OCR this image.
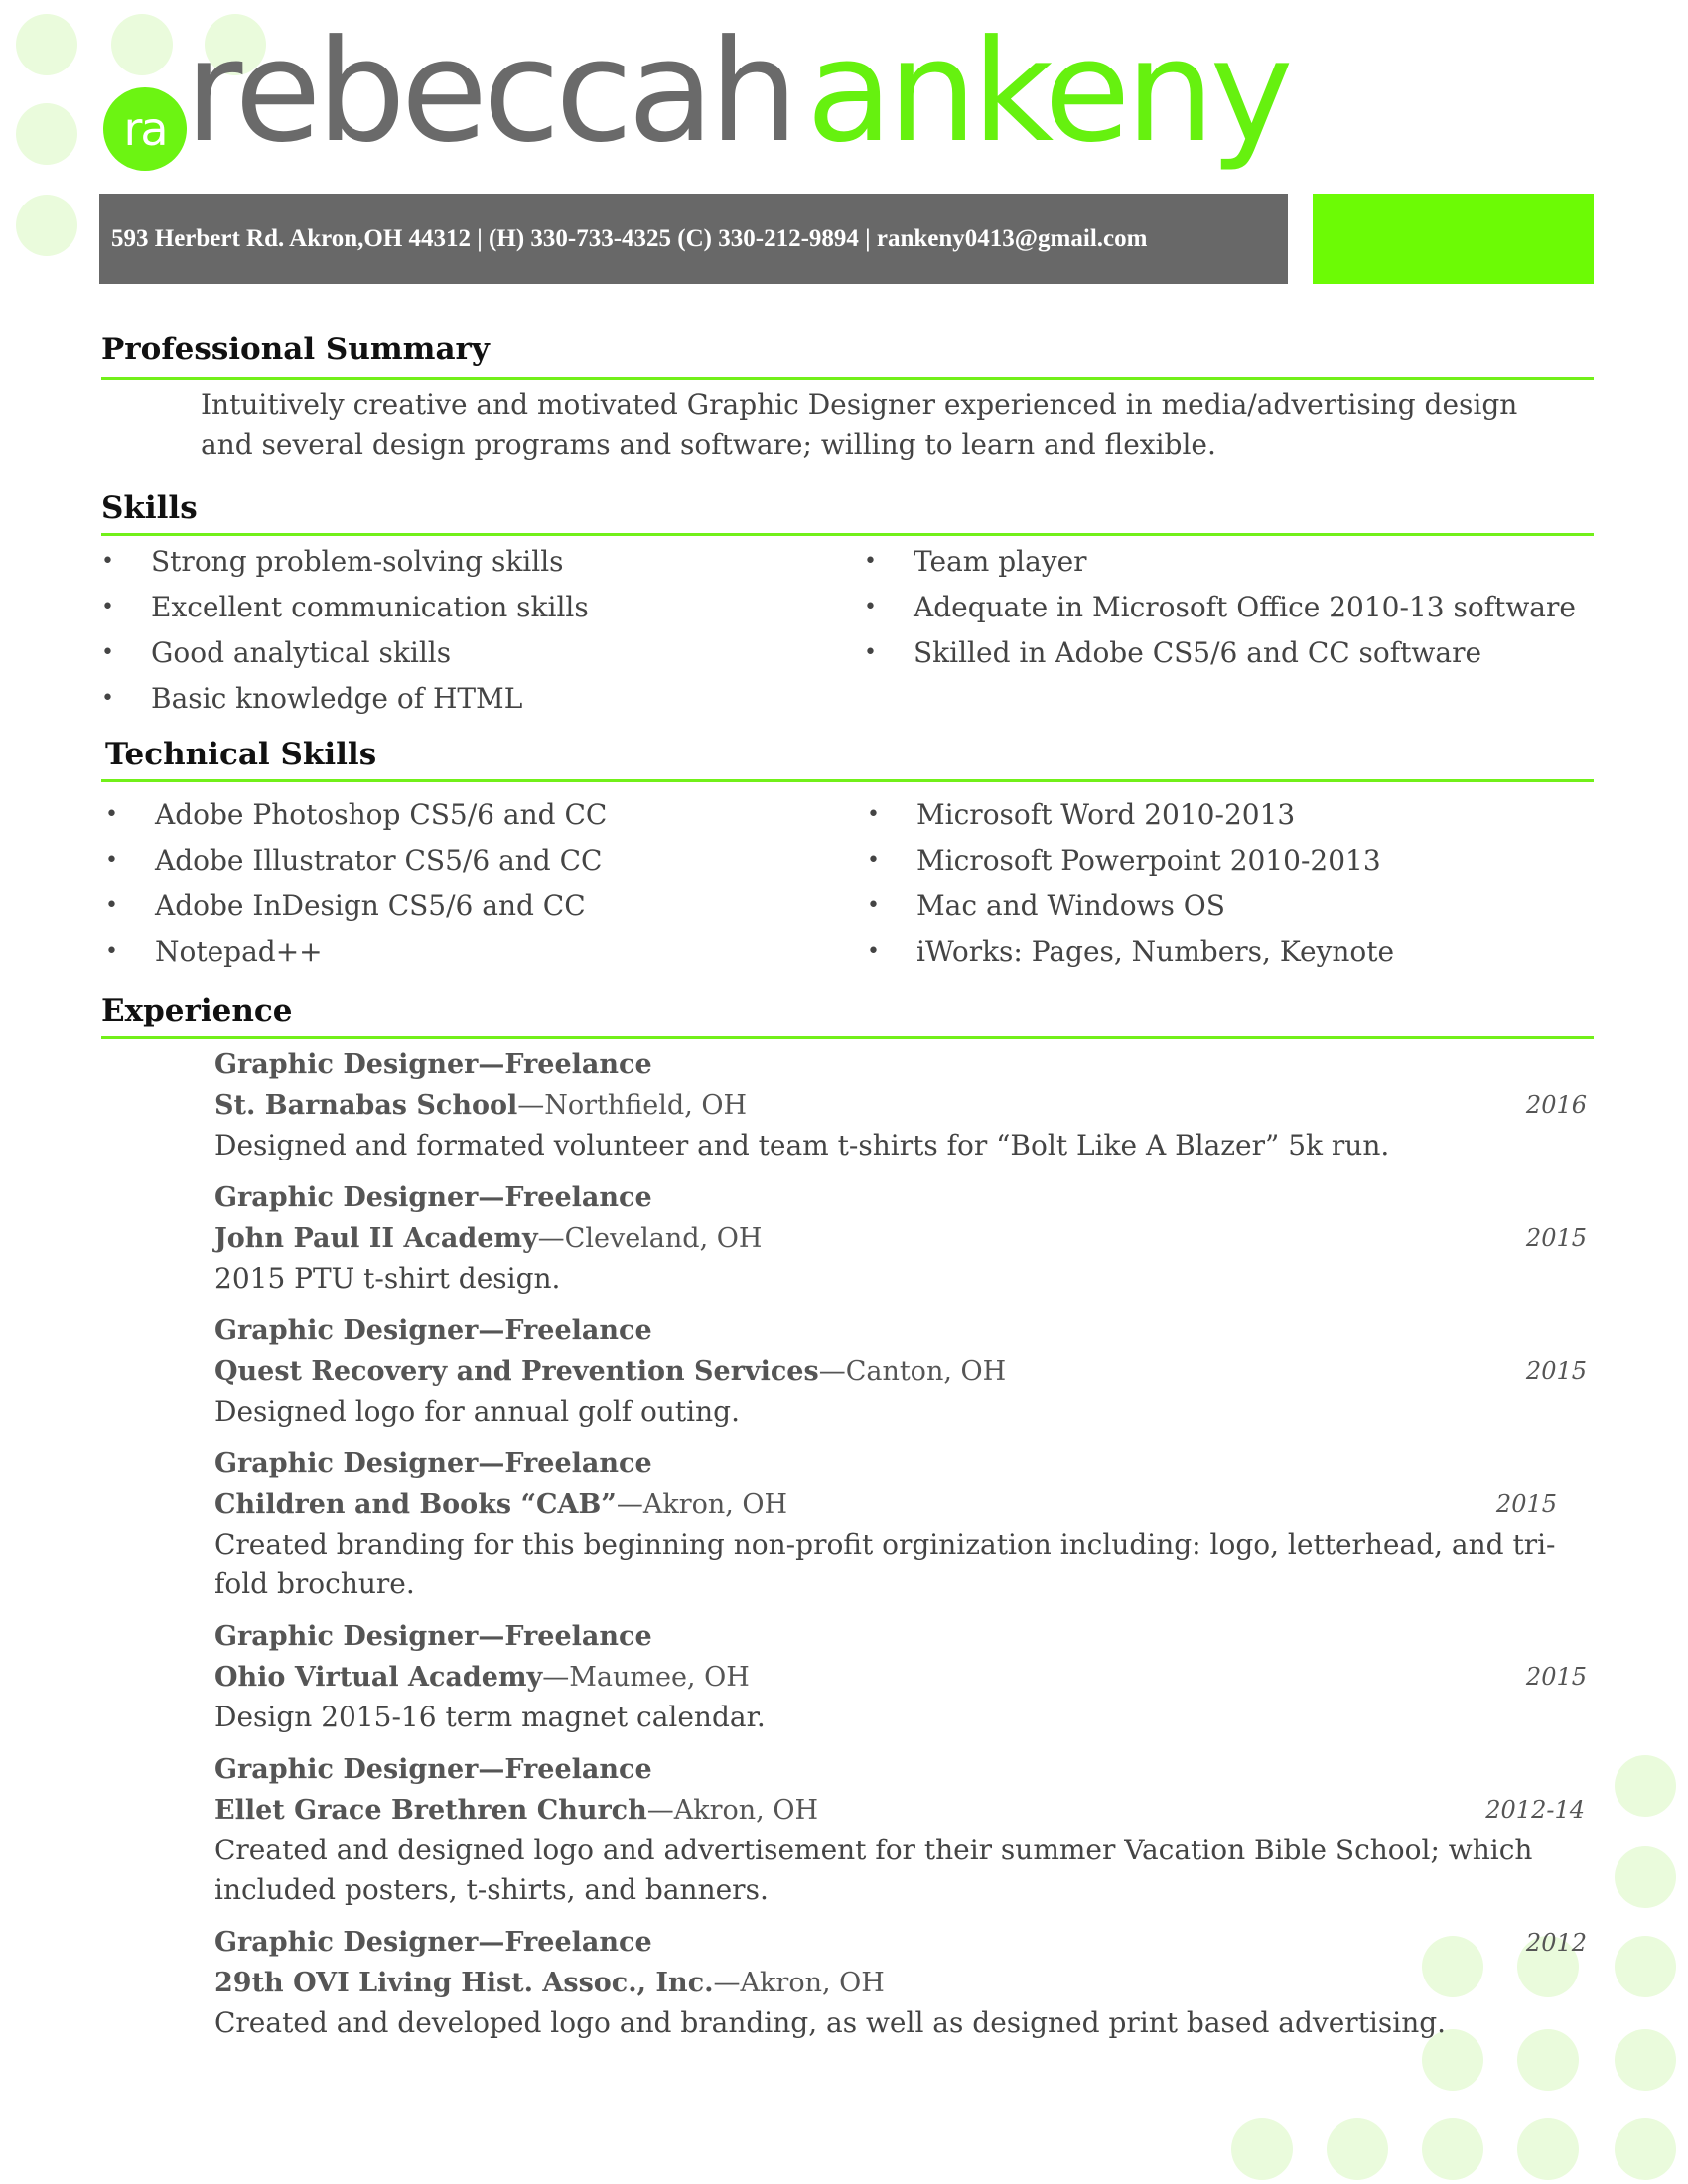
ra rebeccah ankeny
593 Herbert Rd. Akron,OH 44312 | (H) 330-733-4325 (C) 330-212-9894 | rankeny0413@gmail.com
Professional Summary
Intuitively creative and motivated Graphic Designer experienced in media/advertising design and several design programs and software; willing to learn and flexible.
Skills
• Strong problem-solving skills
• Excellent communication skills
• Good analytical skills
• Basic knowledge of HTML
• Team player
• Adequate in Microsoft Office 2010-13 software
• Skilled in Adobe CS5/6 and CC software
Technical Skills
• Adobe Photoshop CS5/6 and CC
• Adobe Illustrator CS5/6 and CC
• Adobe InDesign CS5/6 and CC
• Notepad++
• Microsoft Word 2010-2013
• Microsoft Powerpoint 2010-2013
• Mac and Windows OS
• iWorks: Pages, Numbers, Keynote
Experience
Graphic Designer—Freelance
St. Barnabas School—Northfield, OH	2016
Designed and formated volunteer and team t-shirts for “Bolt Like A Blazer” 5k run.
Graphic Designer—Freelance
John Paul II Academy—Cleveland, OH	2015
2015 PTU t-shirt design.
Graphic Designer—Freelance
Quest Recovery and Prevention Services—Canton, OH	2015
Designed logo for annual golf outing.
Graphic Designer—Freelance
Children and Books “CAB”—Akron, OH	2015
Created branding for this beginning non-profit orginization including: logo, letterhead, and tri-fold brochure.
Graphic Designer—Freelance
Ohio Virtual Academy—Maumee, OH	2015
Design 2015-16 term magnet calendar.
Graphic Designer—Freelance
Ellet Grace Brethren Church—Akron, OH	2012-14
Created and designed logo and advertisement for their summer Vacation Bible School; which included posters, t-shirts, and banners.
Graphic Designer—Freelance	2012
29th OVI Living Hist. Assoc., Inc.—Akron, OH
Created and developed logo and branding, as well as designed print based advertising.
